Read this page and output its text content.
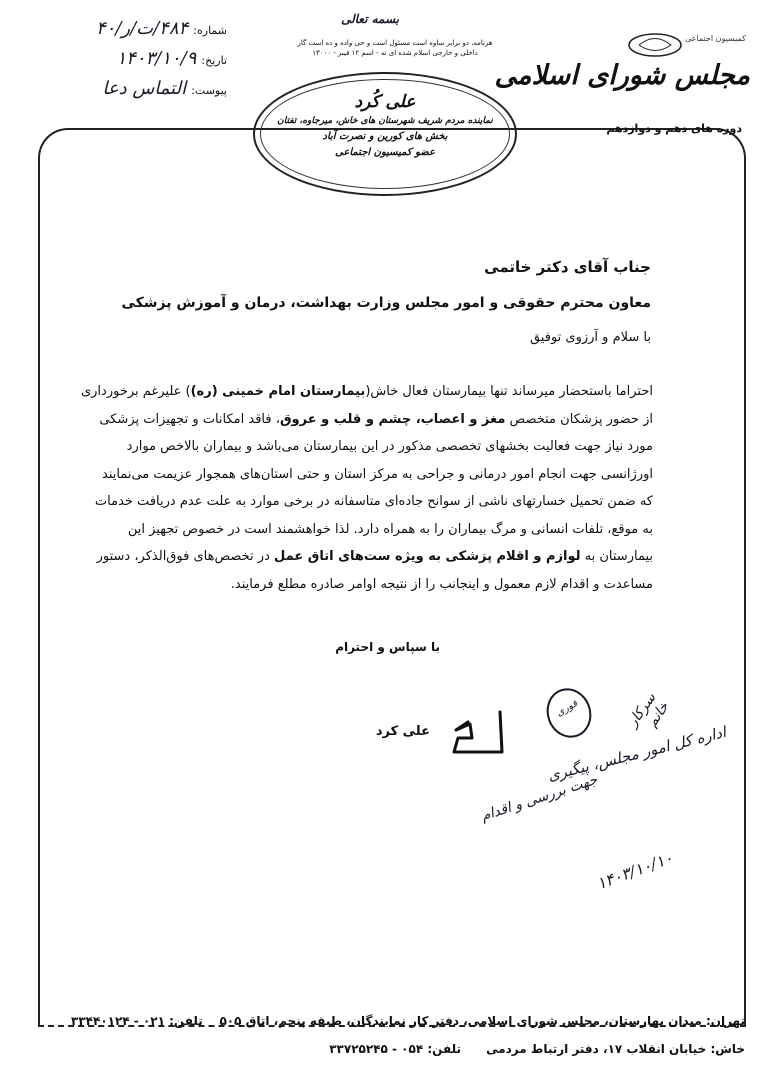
بسمه تعالی
هرنامه، دو برابر ساوه است مسئول است و حی واده و ده است گار
داخلی و خارجی اسلام شده ای نه - اسم ۱۲ فیبر - ۱۳۰۰۰
شماره: ۴۸۴/ت/ر/۴۰
تاریخ: ۱۴۰۳/۱۰/۹
پیوست: التماس دعا
کمیسیون اجتماعی
مجلس شورای اسلامی
دوره های دهم و دوازدهم
علی کُرد
نماینده مردم شریف شهرستان های خاش، میرجاوه، تفتان
بخش های کورین و نصرت آباد
عضو کمیسیون اجتماعی
جناب آقای دکتر خاتمی
معاون محترم حقوقی و امور مجلس وزارت بهداشت، درمان و آموزش پزشکی
با سلام و آرزوی توفیق
احتراما باستحضار میرساند تنها بیمارستان فعال خاش(بیمارستان امام خمینی (ره)) علیرغم برخورداری
از حضور پزشکان متخصص مغز و اعصاب، چشم و قلب و عروق، فاقد امکانات و تجهیزات پزشکی
مورد نیاز جهت فعالیت بخشهای تخصصی مذکور در این بیمارستان می‌باشد و بیماران بالاخص موارد
اورژانسی جهت انجام امور درمانی و جراحی به مرکز استان و حتی استان‌های همجوار عزیمت می‌نمایند
که ضمن تحمیل خسارتهای ناشی از سوانح جاده‌ای متاسفانه در برخی موارد به علت عدم دریافت خدمات
به موقع، تلفات انسانی و مرگ بیماران را به همراه دارد. لذا خواهشمند است در خصوص تجهیز این
بیمارستان به لوازم و اقلام پزشکی به ویژه ست‌های اتاق عمل در تخصص‌های فوق‌الذکر، دستور
مساعدت و اقدام لازم معمول و اینجانب را از نتیجه اوامر صادره مطلع فرمایند.
با سپاس و احترام
علی کرد
فوری	سرکار خانم
اداره کل امور مجلس، پیگیری
جهت بررسی و اقدام
۱۴۰۳/۱۰/۱۰
تهران: میدان بهارستان، مجلس شورای اسلامی، دفتر کار نمایندگان، طبقه پنجم، اتاق ۵۰۵    تلفن: ۰۲۱ - ۳۳۴۴۰۱۲۴
خاش: خیابان انقلاب ۱۷، دفتر ارتباط مردمی      تلفن: ۰۵۴ - ۳۳۷۲۵۲۴۵
